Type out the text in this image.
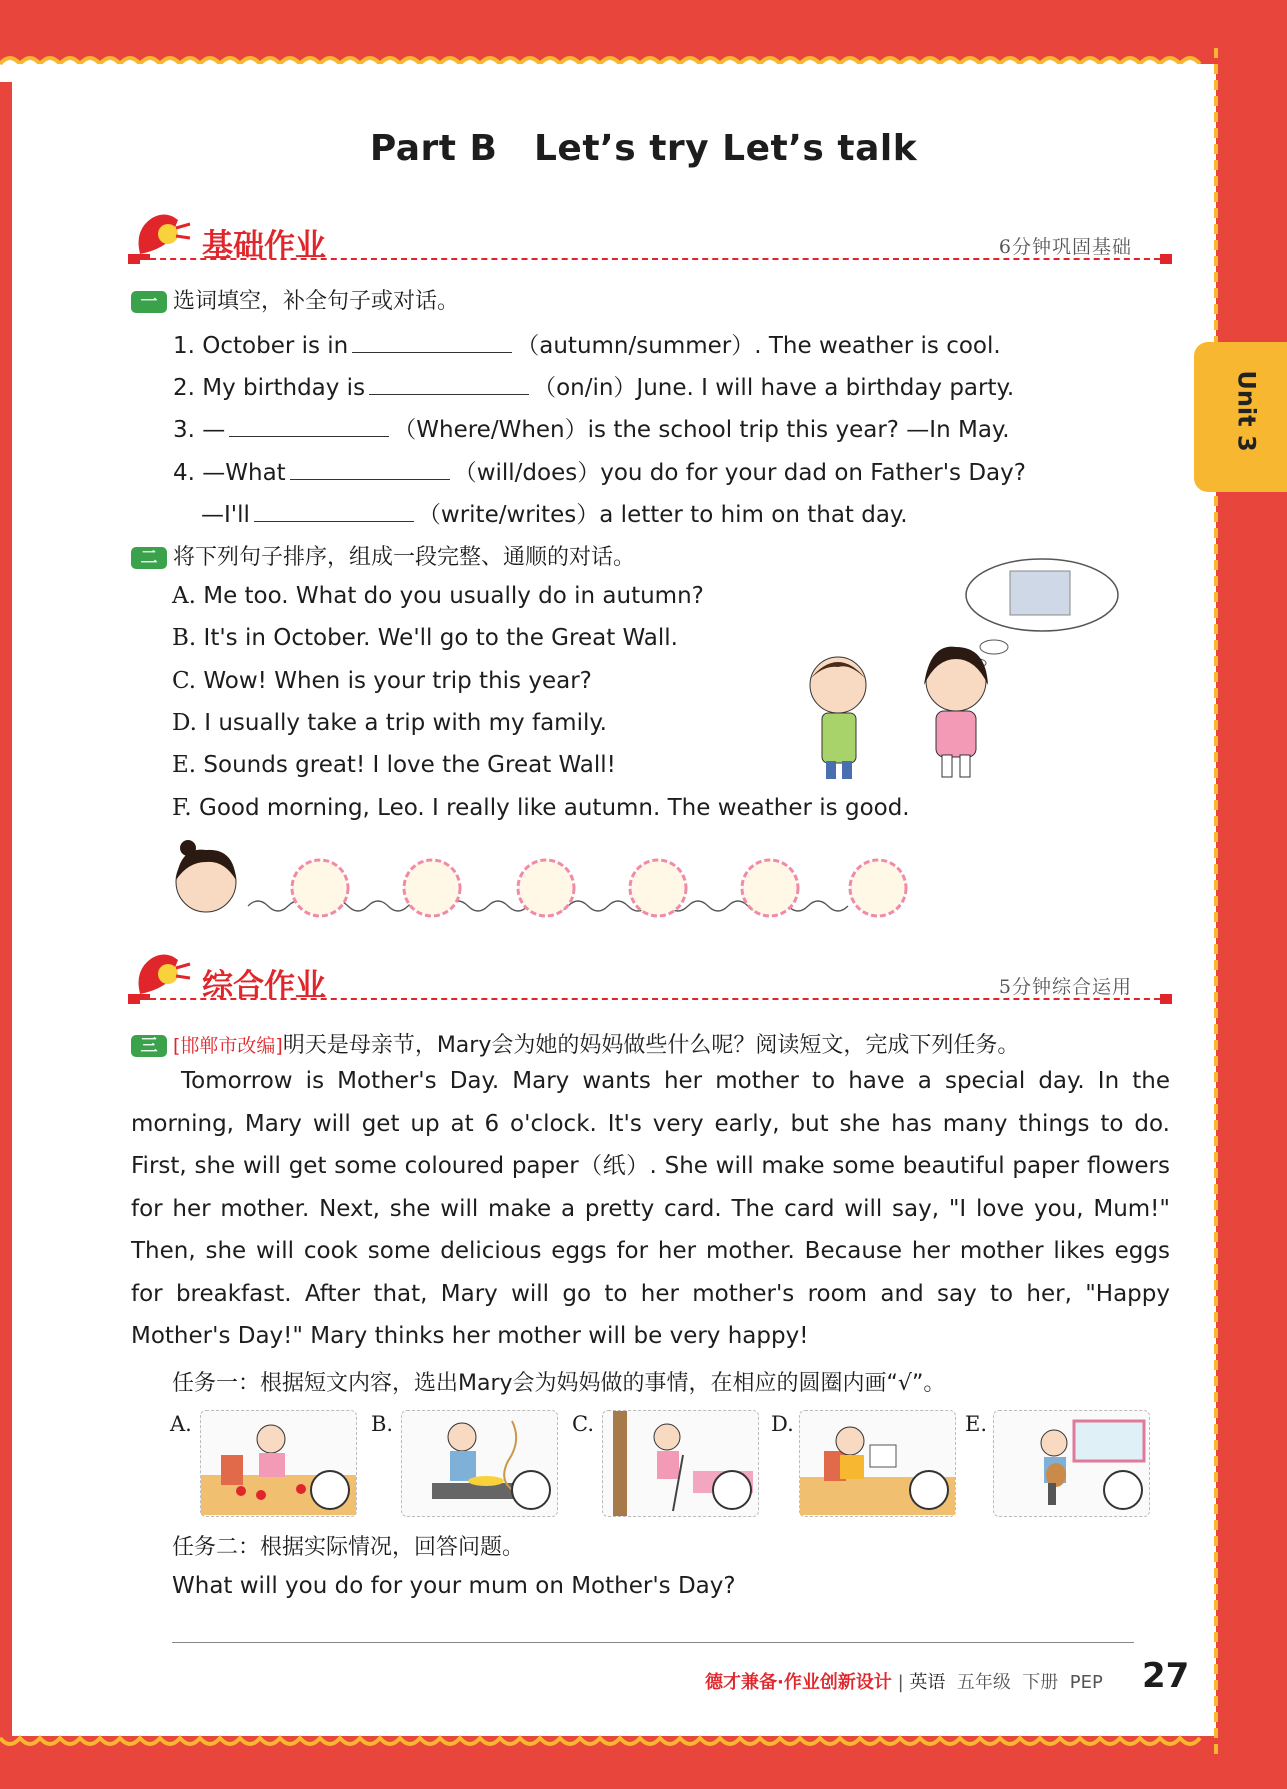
Unit 3
Part B　Let’s try Let’s talk
基础作业	6分钟巩固基础
一 选词填空，补全句子或对话。
1. October is in	（autumn/summer）. The weather is cool.
2. My birthday is	（on/in）June. I will have a birthday party.
3. —	（Where/When）is the school trip this year? —In May.
4. —What	（will/does）you do for your dad on Father's Day?
—I'll	（write/writes）a letter to him on that day.
二 将下列句子排序，组成一段完整、通顺的对话。
A. Me too. What do you usually do in autumn?
B. It's in October. We'll go to the Great Wall.
C. Wow! When is your trip this year?
D. I usually take a trip with my family.
E. Sounds great! I love the Great Wall!
F. Good morning, Leo. I really like autumn. The weather is good.
综合作业	5分钟综合运用
三 [邯郸市改编]明天是母亲节，Mary会为她的妈妈做些什么呢？阅读短文，完成下列任务。
Tomorrow is Mother's Day. Mary wants her mother to have a special day. In the morning, Mary will get up at 6 o'clock. It's very early, but she has many things to do. First, she will get some coloured paper（纸）. She will make some beautiful paper flowers for her mother. Next, she will make a pretty card. The card will say, "I love you, Mum!" Then, she will cook some delicious eggs for her mother. Because her mother likes eggs for breakfast. After that, Mary will go to her mother's room and say to her, "Happy Mother's Day!" Mary thinks her mother will be very happy!
任务一：根据短文内容，选出Mary会为妈妈做的事情，在相应的圆圈内画“√”。
A.	B.	C.	D.	E.
任务二：根据实际情况，回答问题。
What will you do for your mum on Mother's Day?
德才兼备·作业创新设计 | 英语 五年级 下册 PEP 27
